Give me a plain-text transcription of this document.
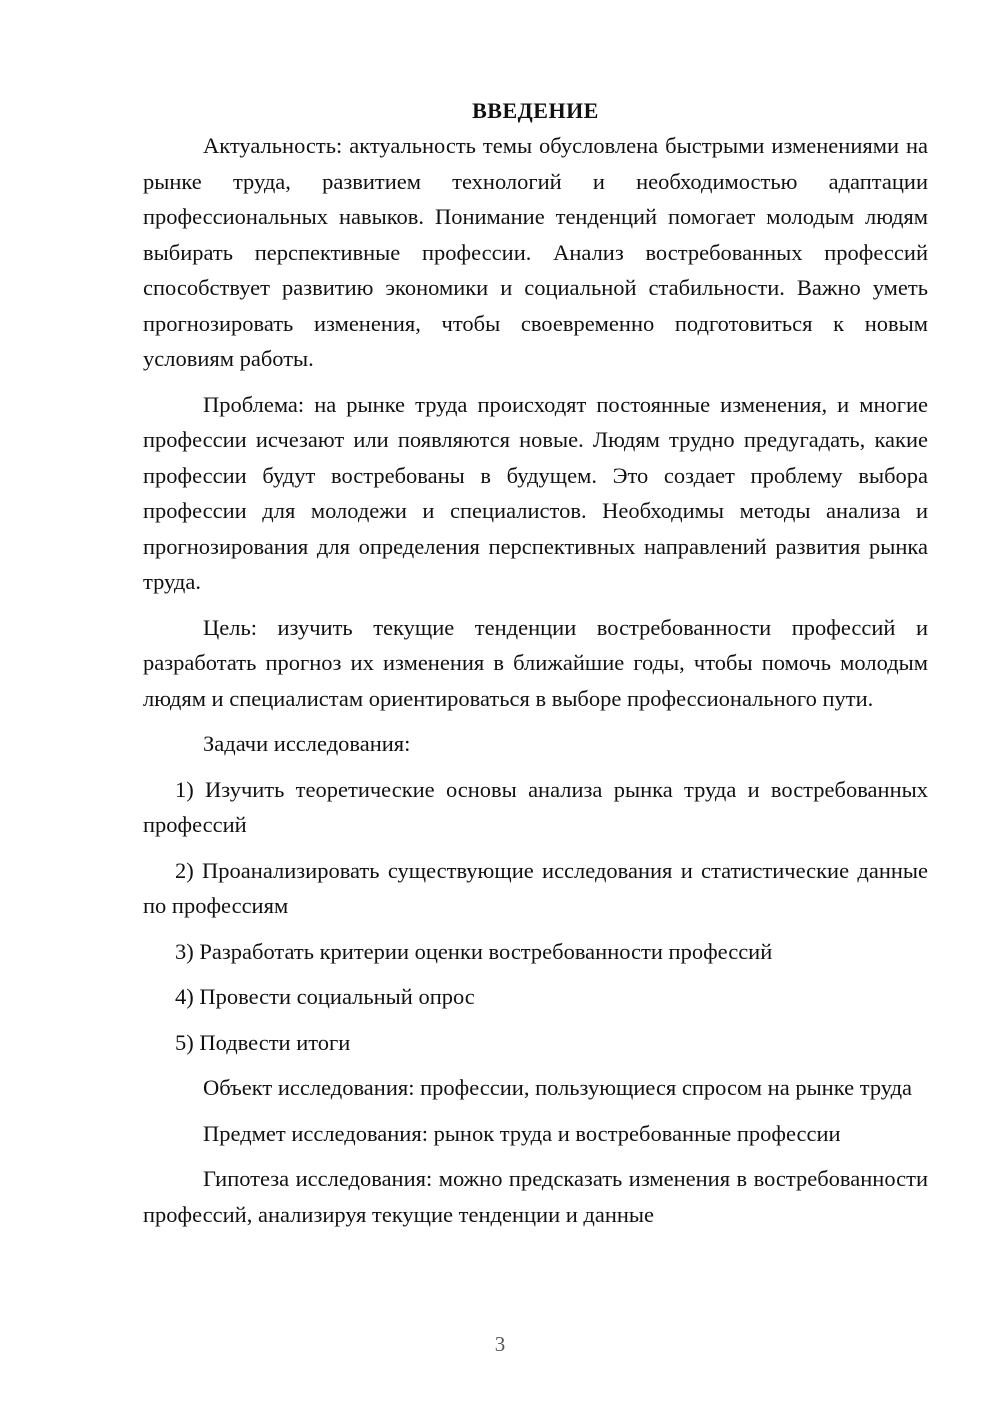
ВВЕДЕНИЕ

Актуальность: актуальность темы обусловлена быстрыми изменениями на рынке труда, развитием технологий и необходимостью адаптации профессиональных навыков. Понимание тенденций помогает молодым людям выбирать перспективные профессии. Анализ востребованных профессий способствует развитию экономики и социальной стабильности. Важно уметь прогнозировать изменения, чтобы своевременно подготовиться к новым условиям работы.

Проблема: на рынке труда происходят постоянные изменения, и многие профессии исчезают или появляются новые. Людям трудно предугадать, какие профессии будут востребованы в будущем. Это создает проблему выбора профессии для молодежи и специалистов. Необходимы методы анализа и прогнозирования для определения перспективных направлений развития рынка труда.

Цель: изучить текущие тенденции востребованности профессий и разработать прогноз их изменения в ближайшие годы, чтобы помочь молодым людям и специалистам ориентироваться в выборе профессионального пути.

Задачи исследования:

1) Изучить теоретические основы анализа рынка труда и востребованных профессий

2) Проанализировать существующие исследования и статистические данные по профессиям

3) Разработать критерии оценки востребованности профессий

4) Провести социальный опрос

5) Подвести итоги

Объект исследования: профессии, пользующиеся спросом на рынке труда

Предмет исследования: рынок труда и востребованные профессии

Гипотеза исследования: можно предсказать изменения в востребованности профессий, анализируя текущие тенденции и данные

3
